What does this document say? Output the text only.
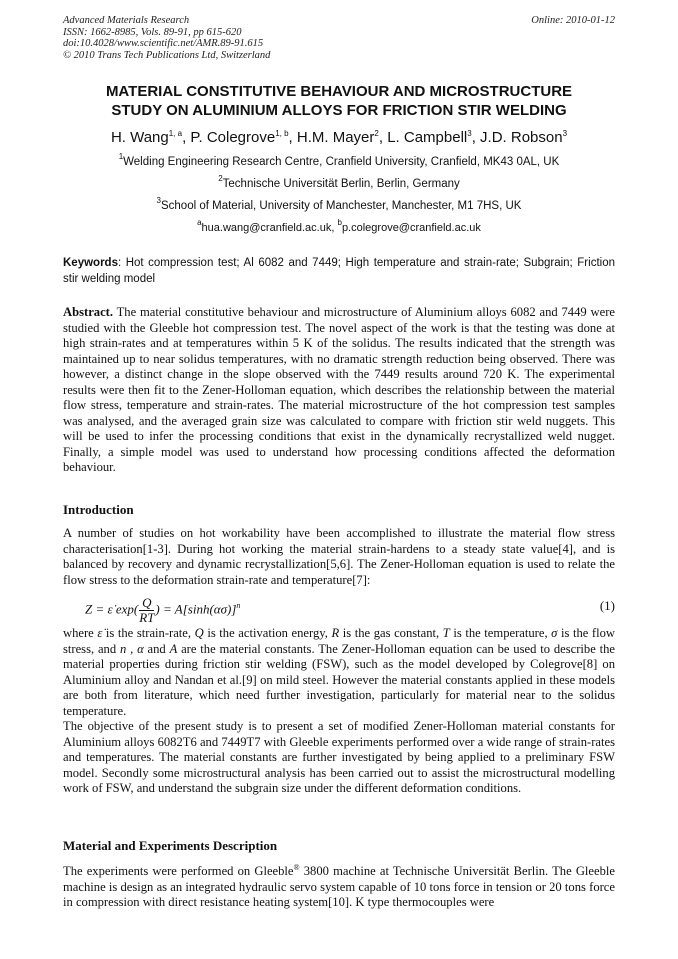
Advanced Materials Research
ISSN: 1662-8985, Vols. 89-91, pp 615-620
doi:10.4028/www.scientific.net/AMR.89-91.615
© 2010 Trans Tech Publications Ltd, Switzerland
Online: 2010-01-12
MATERIAL CONSTITUTIVE BEHAVIOUR AND MICROSTRUCTURE
STUDY ON ALUMINIUM ALLOYS FOR FRICTION STIR WELDING
H. Wang$^{1, a}$, P. Colegrove$^{1, b}$, H.M. Mayer$^2$, L. Campbell$^3$, J.D. Robson$^3$
$^1$Welding Engineering Research Centre, Cranfield University, Cranfield, MK43 0AL, UK
$^2$Technische Universität Berlin, Berlin, Germany
$^3$School of Material, University of Manchester, Manchester, M1 7HS, UK
$^a$hua.wang@cranfield.ac.uk, $^b$p.colegrove@cranfield.ac.uk
Keywords: Hot compression test; Al 6082 and 7449; High temperature and strain-rate; Subgrain; Friction stir welding model
Abstract. The material constitutive behaviour and microstructure of Aluminium alloys 6082 and 7449 were studied with the Gleeble hot compression test. The novel aspect of the work is that the testing was done at high strain-rates and at temperatures within 5 K of the solidus. The results indicated that the strength was maintained up to near solidus temperatures, with no dramatic strength reduction being observed. There was however, a distinct change in the slope observed with the 7449 results around 720 K. The experimental results were then fit to the Zener-Holloman equation, which describes the relationship between the material flow stress, temperature and strain-rates. The material microstructure of the hot compression test samples was analysed, and the averaged grain size was calculated to compare with friction stir weld nuggets. This will be used to infer the processing conditions that exist in the dynamically recrystallized weld nugget. Finally, a simple model was used to understand how processing conditions affected the deformation behaviour.
Introduction
A number of studies on hot workability have been accomplished to illustrate the material flow stress characterisation[1-3]. During hot working the material strain-hardens to a steady state value[4], and is balanced by recovery and dynamic recrystallization[5,6]. The Zener-Holloman equation is used to relate the flow stress to the deformation strain-rate and temperature[7]:
Z = ε̇ $\exp( \frac{Q}{RT}$ ) = $A[\sinh(\alpha\sigma)]^n$	(1)
where ε̇ is the strain-rate, Q is the activation energy, R is the gas constant, T is the temperature, σ is the flow stress, and n , α and A are the material constants. The Zener-Holloman equation can be used to describe the material properties during friction stir welding (FSW), such as the model developed by Colegrove[8] on Aluminium alloy and Nandan et al.[9] on mild steel. However the material constants applied in these models are both from literature, which need further investigation, particularly for material near to the solidus temperature.
The objective of the present study is to present a set of modified Zener-Holloman material constants for Aluminium alloys 6082T6 and 7449T7 with Gleeble experiments performed over a wide range of strain-rates and temperatures. The material constants are further investigated by being applied to a preliminary FSW model. Secondly some microstructural analysis has been carried out to assist the microstructural modelling work of FSW, and understand the subgrain size under the different deformation conditions.
Material and Experiments Description
The experiments were performed on Gleeble® 3800 machine at Technische Universität Berlin. The Gleeble machine is design as an integrated hydraulic servo system capable of 10 tons force in tension or 20 tons force in compression with direct resistance heating system[10]. K type thermocouples were
